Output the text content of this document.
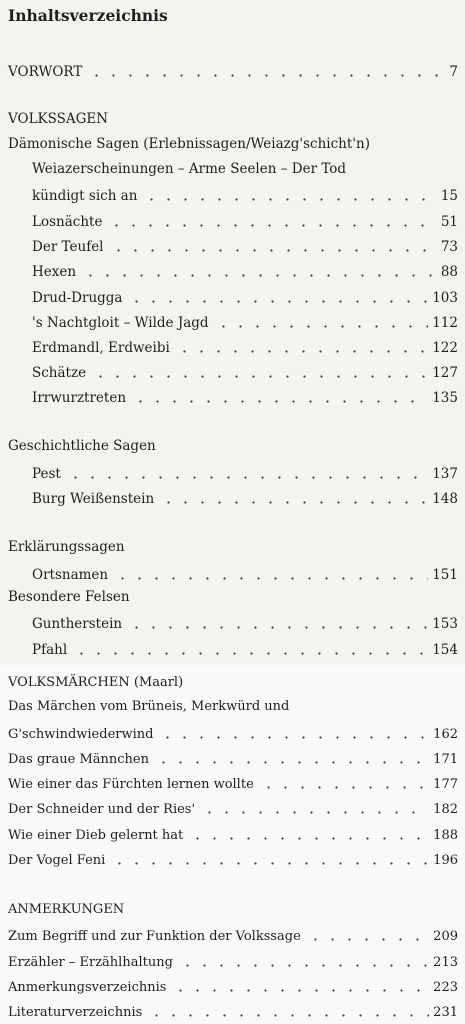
Inhaltsverzeichnis
VORWORT	7
VOLKSSAGEN
Dämonische Sagen (Erlebnissagen/Weiazg'schicht'n)
Weiazerscheinungen – Arme Seelen – Der Tod
kündigt sich an	15
Losnächte	51
Der Teufel	73
Hexen	88
Drud-Drugga	103
's Nachtgloit – Wilde Jagd	112
Erdmandl, Erdweibi	122
Schätze	127
Irrwurztreten	135
Geschichtliche Sagen
Pest	137
Burg Weißenstein	148
Erklärungssagen
Ortsnamen	151
Besondere Felsen
Guntherstein	153
Pfahl	154
VOLKSMÄRCHEN (Maarl)
Das Märchen vom Brüneis, Merkwürd und
G'schwindwiederwind	162
Das graue Männchen	171
Wie einer das Fürchten lernen wollte	177
Der Schneider und der Ries'	182
Wie einer Dieb gelernt hat	188
Der Vogel Feni	196
ANMERKUNGEN
Zum Begriff und zur Funktion der Volkssage	209
Erzähler – Erzählhaltung	213
Anmerkungsverzeichnis	223
Literaturverzeichnis	231
